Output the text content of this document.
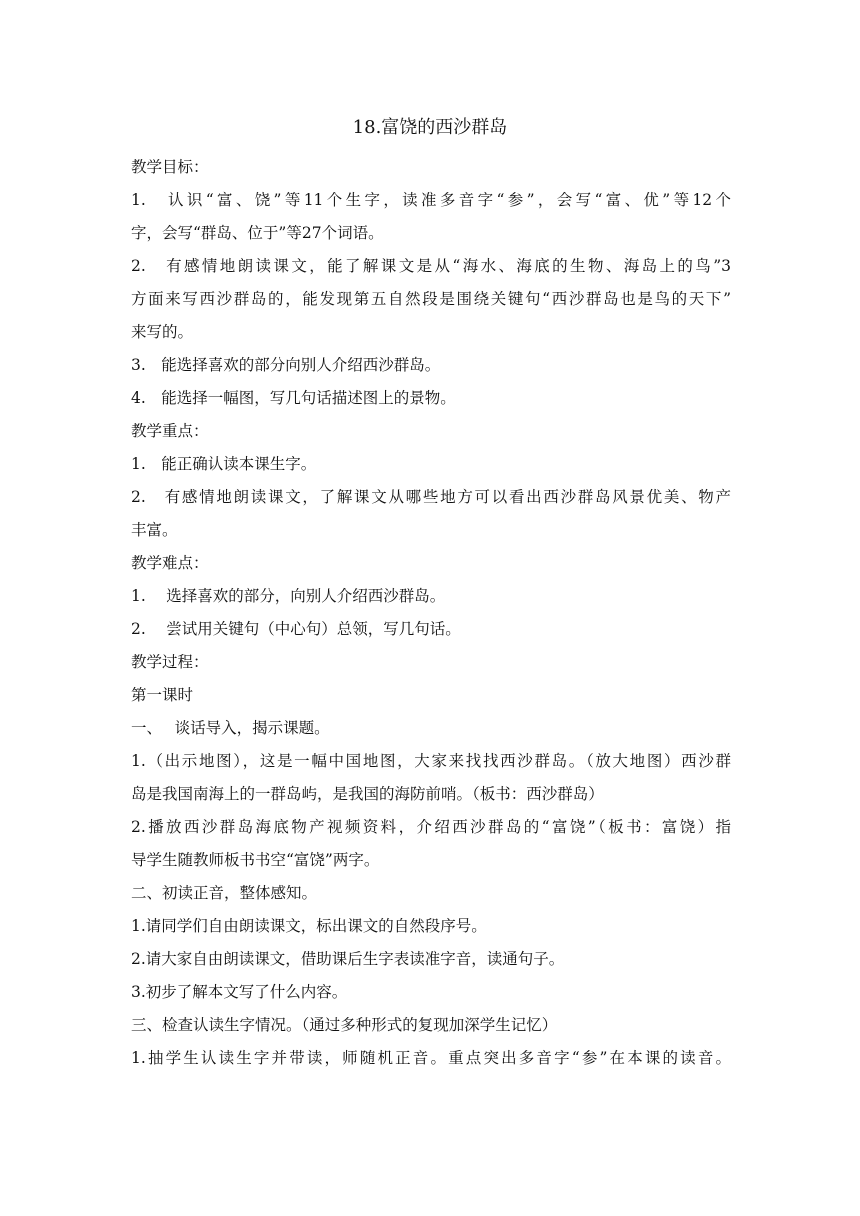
18.富饶的西沙群岛
教学目标：
1.　认识“富、饶”等11个生字，读准多音字“参”，会写“富、优”等12个
字，会写“群岛、位于”等27个词语。
2.　有感情地朗读课文，能了解课文是从“海水、海底的生物、海岛上的鸟”3
方面来写西沙群岛的，能发现第五自然段是围绕关键句“西沙群岛也是鸟的天下”
来写的。
3.　能选择喜欢的部分向别人介绍西沙群岛。
4.　能选择一幅图，写几句话描述图上的景物。
教学重点：
1.　能正确认读本课生字。
2.　有感情地朗读课文，了解课文从哪些地方可以看出西沙群岛风景优美、物产
丰富。
教学难点：
1.　 选择喜欢的部分，向别人介绍西沙群岛。
2.　 尝试用关键句（中心句）总领，写几句话。
教学过程：
第一课时
一、　 谈话导入，揭示课题。
1.（出示地图），这是一幅中国地图，大家来找找西沙群岛。（放大地图）西沙群
岛是我国南海上的一群岛屿，是我国的海防前哨。（板书：西沙群岛）
2.播放西沙群岛海底物产视频资料，介绍西沙群岛的“富饶”（板书：富饶）指
导学生随教师板书书空“富饶”两字。
二、初读正音，整体感知。
1.请同学们自由朗读课文，标出课文的自然段序号。
2.请大家自由朗读课文，借助课后生字表读准字音，读通句子。
3.初步了解本文写了什么内容。
三、检查认读生字情况。（通过多种形式的复现加深学生记忆）
1.抽学生认读生字并带读，师随机正音。重点突出多音字“参”在本课的读音。
